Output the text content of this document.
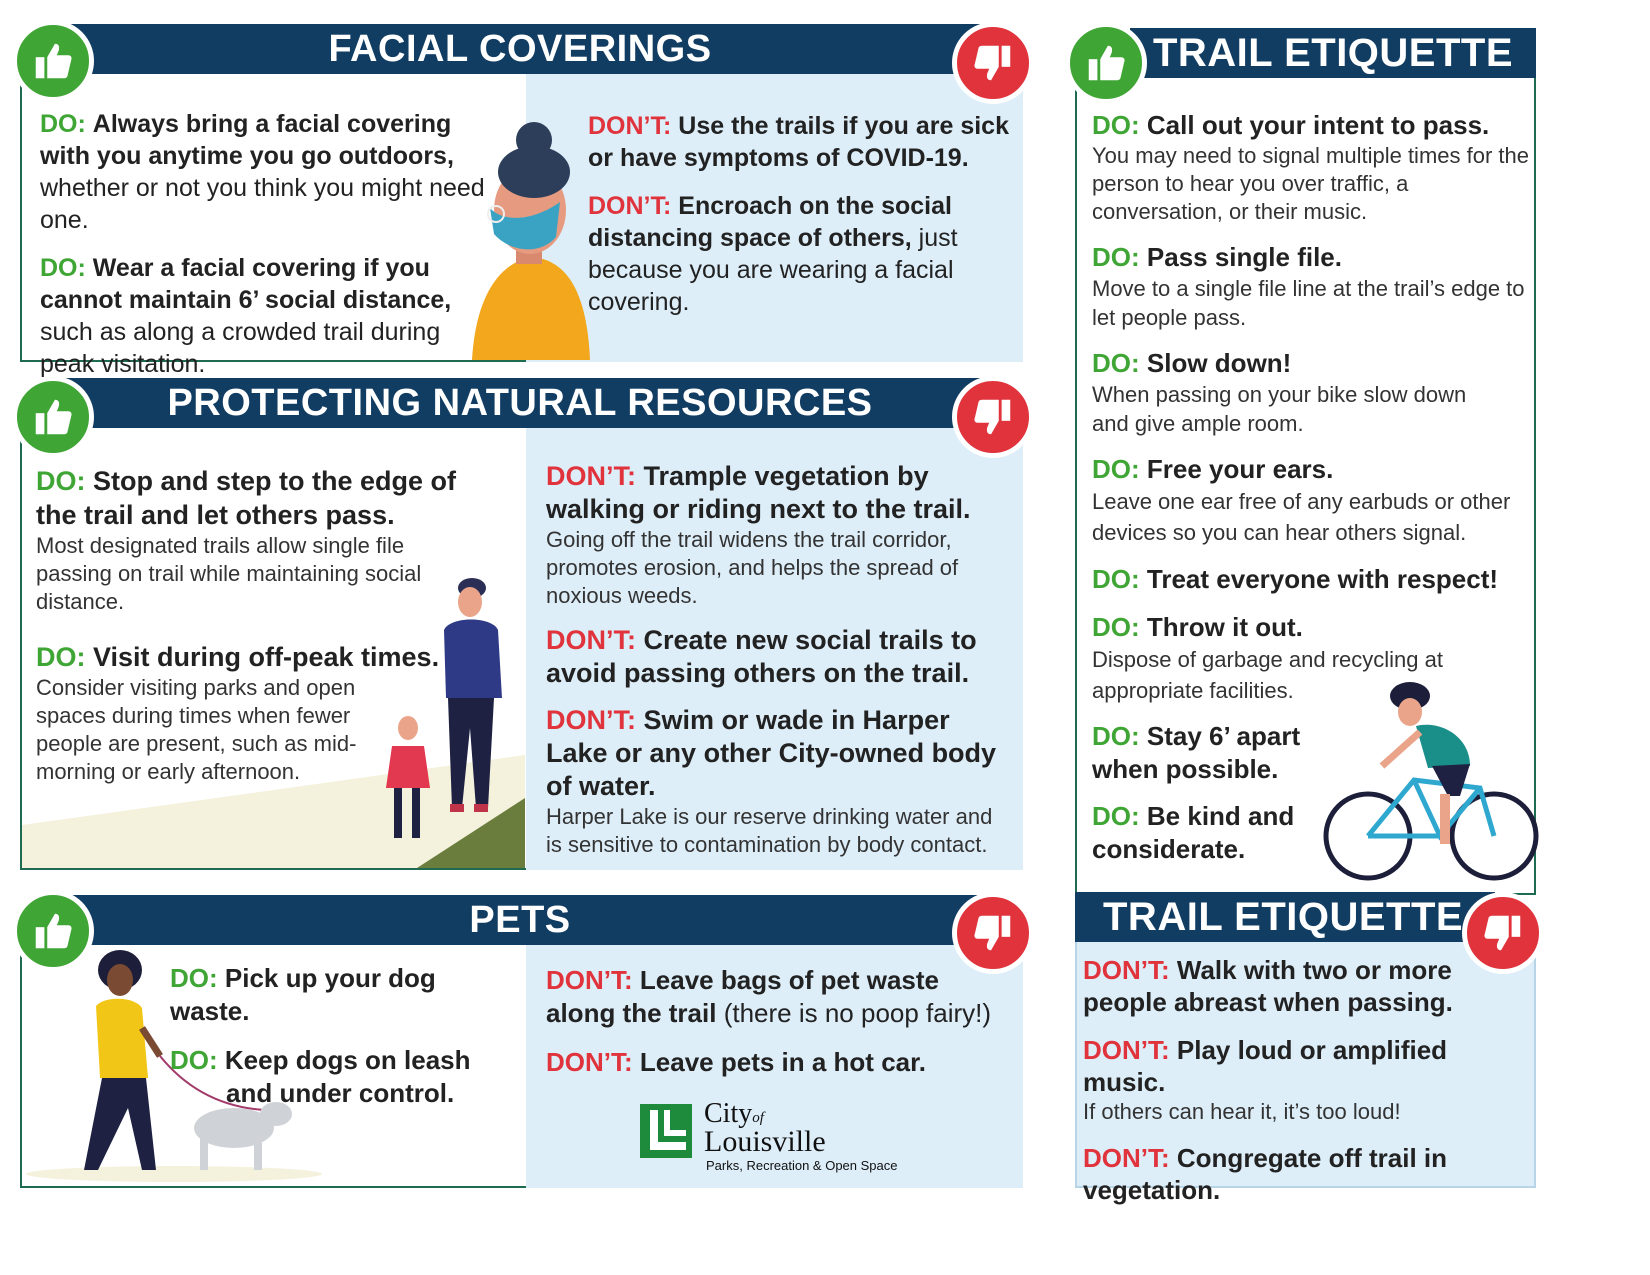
FACIAL COVERINGS
DO: Always bring a facial covering with you anytime you go outdoors, whether or not you think you might need one.
DO: Wear a facial covering if you cannot maintain 6’ social distance, such as along a crowded trail during peak visitation.
DON’T: Use the trails if you are sick or have symptoms of COVID-19.
DON’T: Encroach on the social distancing space of others, just because you are wearing a facial covering.
PROTECTING NATURAL RESOURCES
DO: Stop and step to the edge of the trail and let others pass.
Most designated trails allow single file passing on trail while maintaining social distance.
DO: Visit during off-peak times.
Consider visiting parks and open spaces during times when fewer people are present, such as mid-morning or early afternoon.
DON’T: Trample vegetation by walking or riding next to the trail.
Going off the trail widens the trail corridor, promotes erosion, and helps the spread of noxious weeds.
DON’T: Create new social trails to avoid passing others on the trail.
DON’T: Swim or wade in Harper Lake or any other City-owned body of water.
Harper Lake is our reserve drinking water and is sensitive to contamination by body contact.
PETS
DO: Pick up your dog waste.
DO: Keep dogs on leash and under control.
DON’T: Leave bags of pet waste along the trail (there is no poop fairy!)
DON’T: Leave pets in a hot car.
Cityof
Louisville
Parks, Recreation & Open Space
TRAIL ETIQUETTE
DO: Call out your intent to pass.
You may need to signal multiple times for the person to hear you over traffic, a conversation, or their music.
DO: Pass single file.
Move to a single file line at the trail’s edge to let people pass.
DO: Slow down!
When passing on your bike slow down and give ample room.
DO: Free your ears.
Leave one ear free of any earbuds or other devices so you can hear others signal.
DO: Treat everyone with respect!
DO: Throw it out.
Dispose of garbage and recycling at appropriate facilities.
DO: Stay 6’ apart when possible.
DO: Be kind and considerate.
TRAIL ETIQUETTE
DON’T: Walk with two or more people abreast when passing.
DON’T: Play loud or amplified music.
If others can hear it, it’s too loud!
DON’T: Congregate off trail in vegetation.
